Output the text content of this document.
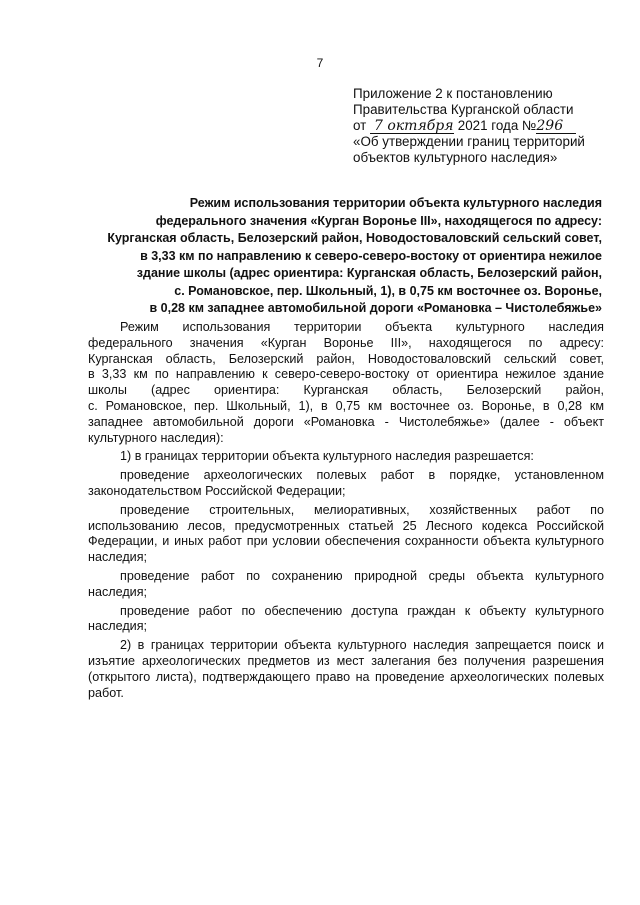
7
Приложение 2 к постановлению
Правительства Курганской области
от 7 октября 2021 года №296
«Об утверждении границ территорий
объектов культурного наследия»
Режим использования территории объекта культурного наследия
федерального значения «Курган Воронье III», находящегося по адресу:
Курганская область, Белозерский район, Новодостоваловский сельский совет,
в 3,33 км по направлению к северо-северо-востоку от ориентира нежилое
здание школы (адрес ориентира: Курганская область, Белозерский район,
с. Романовское, пер. Школьный, 1), в 0,75 км восточнее оз. Воронье,
в 0,28 км западнее автомобильной дороги «Романовка – Чистолебяжье»

Режим использования территории объекта культурного наследия

федерального значения «Курган Воронье III», находящегося по адресу:

Курганская область, Белозерский район, Новодостоваловский сельский совет,

в 3,33 км по направлению к северо-северо-востоку от ориентира нежилое здание

школы (адрес ориентира: Курганская область, Белозерский район,

с. Романовское, пер. Школьный, 1), в 0,75 км восточнее оз. Воронье, в 0,28 км

западнее автомобильной дороги «Романовка - Чистолебяжье» (далее - объект

культурного наследия):

1) в границах территории объекта культурного наследия разрешается:

проведение археологических полевых работ в порядке, установленном законодательством Российской Федерации;

проведение строительных, мелиоративных, хозяйственных работ по использованию лесов, предусмотренных статьей 25 Лесного кодекса Российской Федерации, и иных работ при условии обеспечения сохранности объекта культурного наследия;

проведение работ по сохранению природной среды объекта культурного наследия;

проведение работ по обеспечению доступа граждан к объекту культурного наследия;

2) в границах территории объекта культурного наследия запрещается поиск и изъятие археологических предметов из мест залегания без получения разрешения (открытого листа), подтверждающего право на проведение археологических полевых работ.
